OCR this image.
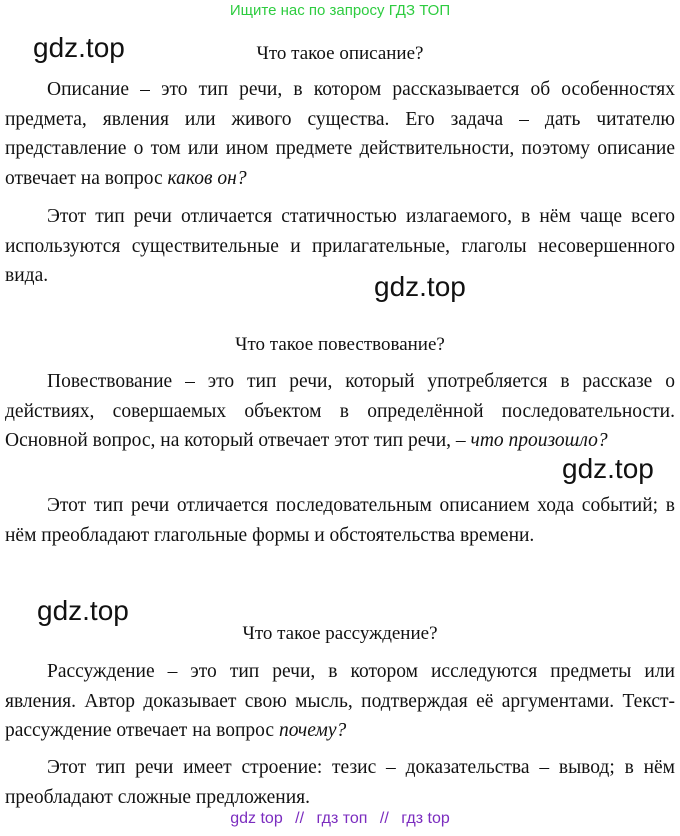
Ищите нас по запросу ГДЗ ТОП
gdz.top
gdz.top
gdz.top
gdz.top
Что такое описание?

Описание – это тип речи, в котором рассказывается об особенностях предмета, явления или живого существа. Его задача – дать читателю представление о том или ином предмете действительности, поэтому описание отвечает на вопрос каков он?

Этот тип речи отличается статичностью излагаемого, в нём чаще всего используются существительные и прилагательные, глаголы несовершенного вида.

Что такое повествование?

Повествование – это тип речи, который употребляется в рассказе о действиях, совершаемых объектом в определённой последовательности. Основной вопрос, на который отвечает этот тип речи, – что произошло?

Этот тип речи отличается последовательным описанием хода событий; в нём преобладают глагольные формы и обстоятельства времени.

Что такое рассуждение?

Рассуждение – это тип речи, в котором исследуются предметы или явления. Автор доказывает свою мысль, подтверждая её аргументами. Текст-рассуждение отвечает на вопрос почему?

Этот тип речи имеет строение: тезис – доказательства – вывод; в нём преобладают сложные предложения.

gdz top // гдз топ // гдз top
